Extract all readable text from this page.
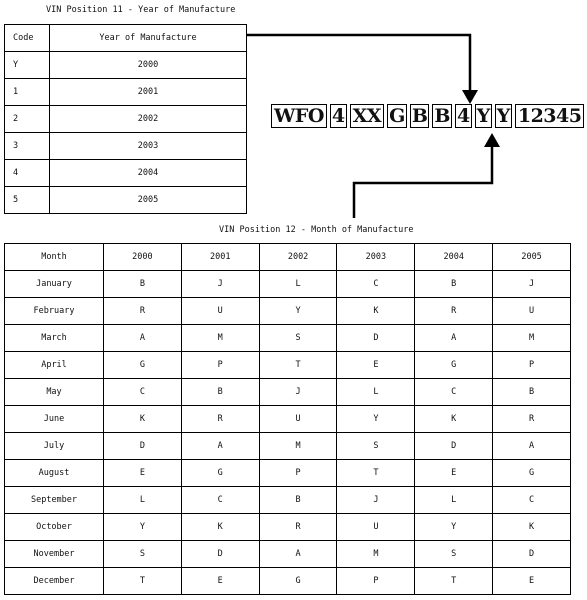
VIN Position 11 - Year of Manufacture
Code	Year of Manufacture
Y	2000
1	2001
2	2002
3	2003
4	2004
5	2005
WFO 4 XX G B B 4 Y Y 12345
VIN Position 12 - Month of Manufacture
Month	2000	2001	2002	2003	2004	2005
January	B	J	L	C	B	J
February	R	U	Y	K	R	U
March	A	M	S	D	A	M
April	G	P	T	E	G	P
May	C	B	J	L	C	B
June	K	R	U	Y	K	R
July	D	A	M	S	D	A
August	E	G	P	T	E	G
September	L	C	B	J	L	C
October	Y	K	R	U	Y	K
November	S	D	A	M	S	D
December	T	E	G	P	T	E
